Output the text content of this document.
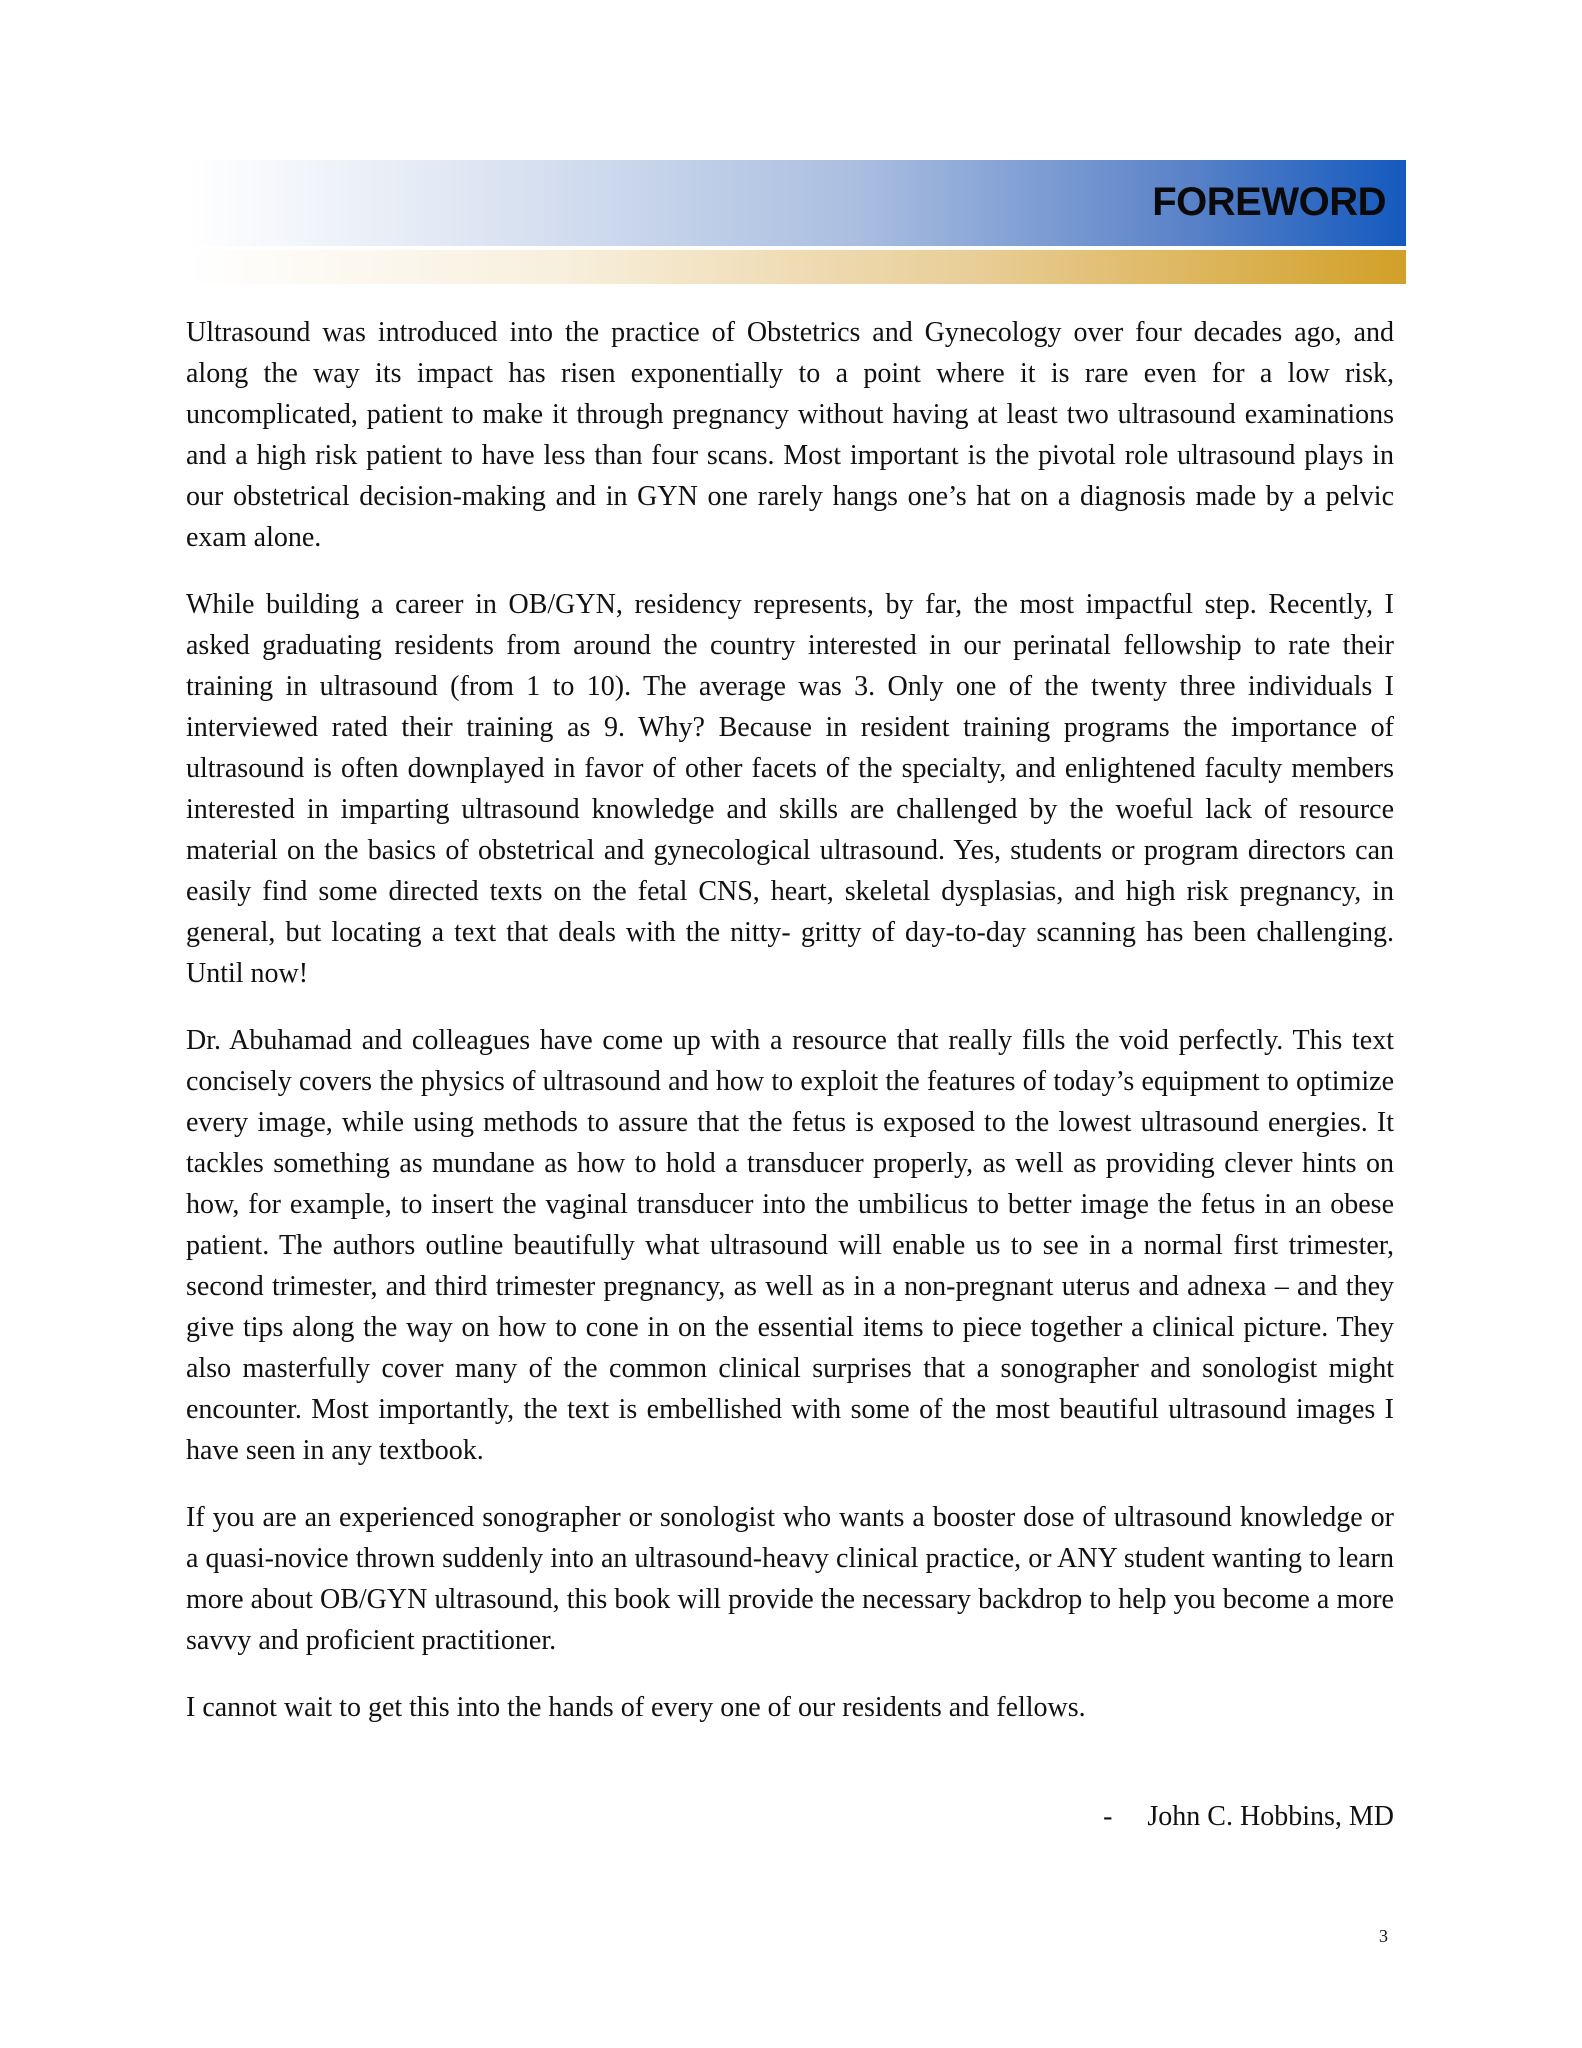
FOREWORD

Ultrasound was introduced into the practice of Obstetrics and Gynecology over four decades ago, and along the way its impact has risen exponentially to a point where it is rare even for a low risk, uncomplicated, patient to make it through pregnancy without having at least two ultrasound examinations and a high risk patient to have less than four scans. Most important is the pivotal role ultrasound plays in our obstetrical decision-making and in GYN one rarely hangs one’s hat on a diagnosis made by a pelvic exam alone.

While building a career in OB/GYN, residency represents, by far, the most impactful step. Recently, I asked graduating residents from around the country interested in our perinatal fellowship to rate their training in ultrasound (from 1 to 10). The average was 3. Only one of the twenty three individuals I interviewed rated their training as 9. Why? Because in resident training programs the importance of ultrasound is often downplayed in favor of other facets of the specialty, and enlightened faculty members interested in imparting ultrasound knowledge and skills are challenged by the woeful lack of resource material on the basics of obstetrical and gynecological ultrasound. Yes, students or program directors can easily find some directed texts on the fetal CNS, heart, skeletal dysplasias, and high risk pregnancy, in general, but locating a text that deals with the nitty- gritty of day-to-day scanning has been challenging. Until now!

Dr. Abuhamad and colleagues have come up with a resource that really fills the void perfectly. This text concisely covers the physics of ultrasound and how to exploit the features of today’s equipment to optimize every image, while using methods to assure that the fetus is exposed to the lowest ultrasound energies. It tackles something as mundane as how to hold a transducer properly, as well as providing clever hints on how, for example, to insert the vaginal transducer into the umbilicus to better image the fetus in an obese patient. The authors outline beautifully what ultrasound will enable us to see in a normal first trimester, second trimester, and third trimester pregnancy, as well as in a non-pregnant uterus and adnexa – and they give tips along the way on how to cone in on the essential items to piece together a clinical picture. They also masterfully cover many of the common clinical surprises that a sonographer and sonologist might encounter. Most importantly, the text is embellished with some of the most beautiful ultrasound images I have seen in any textbook.

If you are an experienced sonographer or sonologist who wants a booster dose of ultrasound knowledge or a quasi-novice thrown suddenly into an ultrasound-heavy clinical practice, or ANY student wanting to learn more about OB/GYN ultrasound, this book will provide the necessary backdrop to help you become a more savvy and proficient practitioner.

I cannot wait to get this into the hands of every one of our residents and fellows.

-     John C. Hobbins, MD
3
